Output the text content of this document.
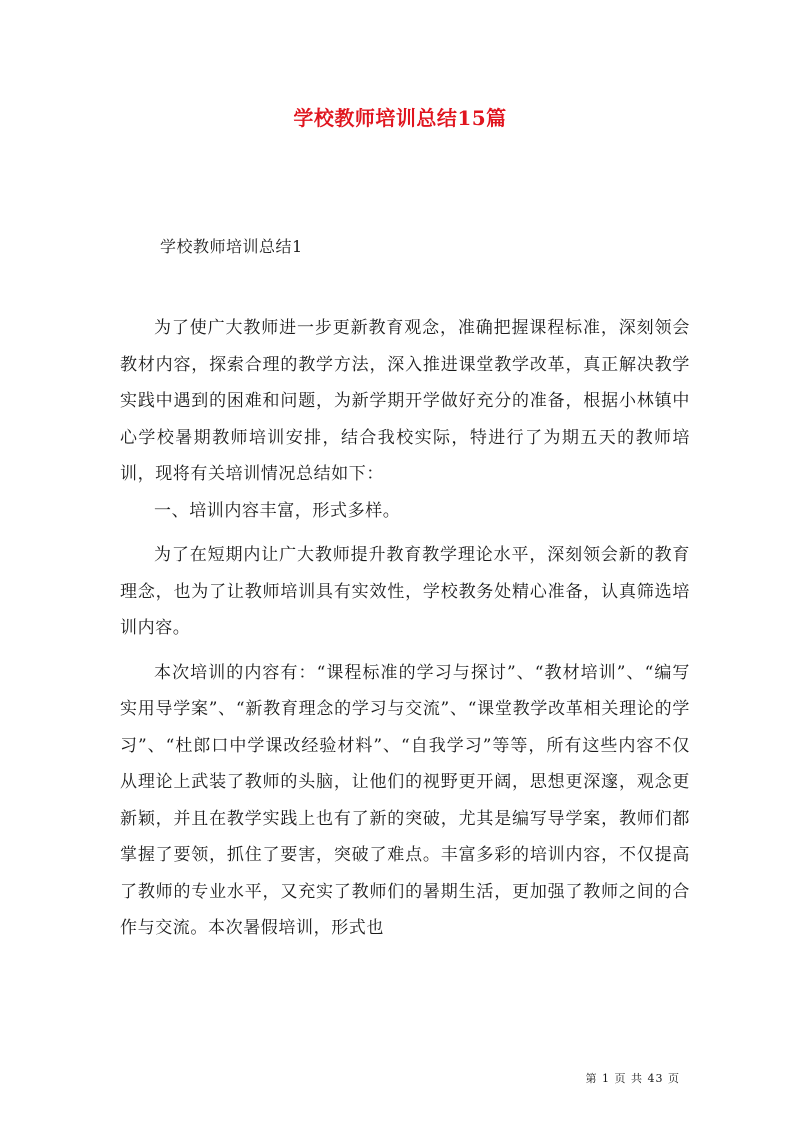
学校教师培训总结15篇

学校教师培训总结1

为了使广大教师进一步更新教育观念，准确把握课程标准，深刻领会教材内容，探索合理的教学方法，深入推进课堂教学改革，真正解决教学实践中遇到的困难和问题，为新学期开学做好充分的准备，根据小林镇中心学校暑期教师培训安排，结合我校实际，特进行了为期五天的教师培训，现将有关培训情况总结如下：

一、培训内容丰富，形式多样。

为了在短期内让广大教师提升教育教学理论水平，深刻领会新的教育理念，也为了让教师培训具有实效性，学校教务处精心准备，认真筛选培训内容。

本次培训的内容有：“课程标准的学习与探讨”、“教材培训”、“编写实用导学案”、“新教育理念的学习与交流”、“课堂教学改革相关理论的学习”、“杜郎口中学课改经验材料”、“自我学习”等等，所有这些内容不仅从理论上武装了教师的头脑，让他们的视野更开阔，思想更深邃，观念更新颖，并且在教学实践上也有了新的突破，尤其是编写导学案，教师们都掌握了要领，抓住了要害，突破了难点。丰富多彩的培训内容，不仅提高了教师的专业水平，又充实了教师们的暑期生活，更加强了教师之间的合作与交流。本次暑假培训，形式也

第 1 页 共 43 页
